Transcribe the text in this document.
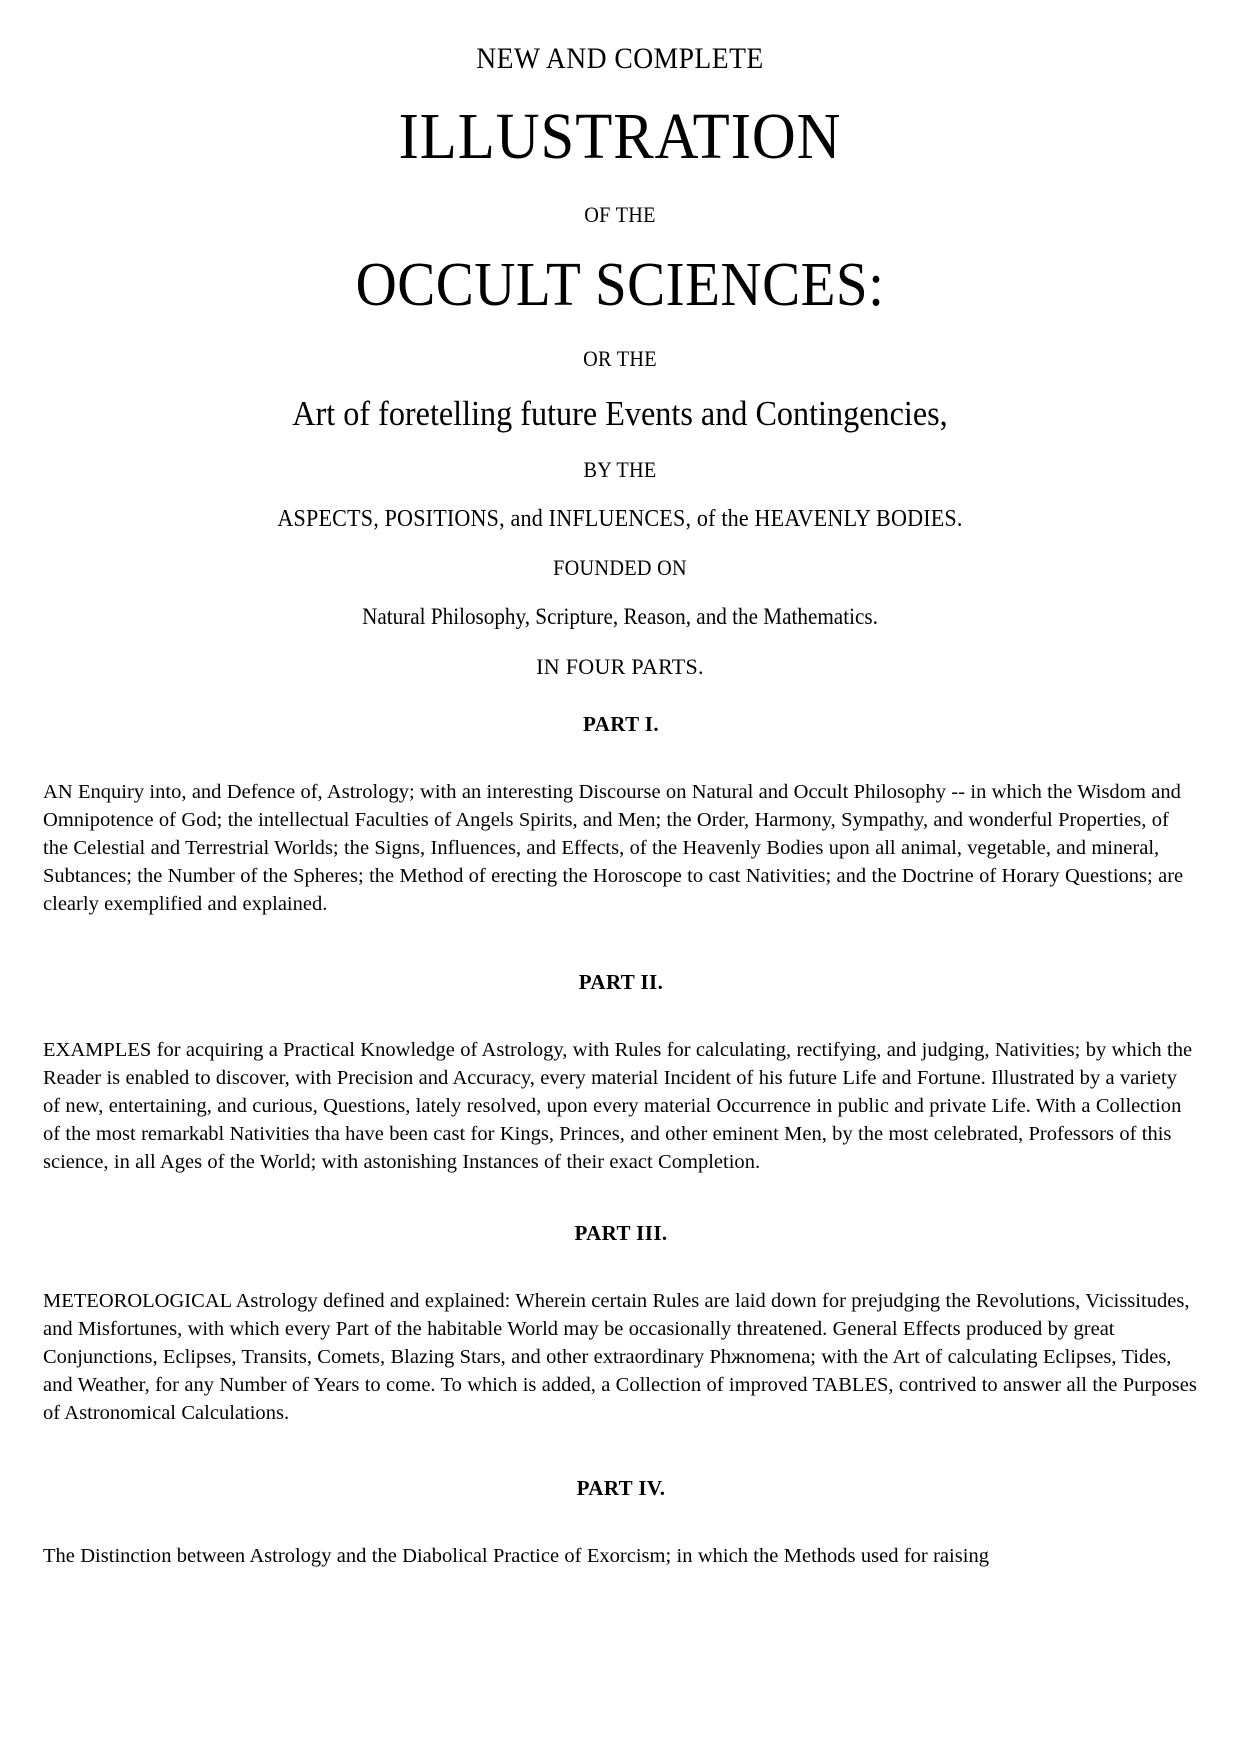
NEW AND COMPLETE
ILLUSTRATION
OF THE
OCCULT SCIENCES:
OR THE
Art of foretelling future Events and Contingencies,
BY THE
ASPECTS, POSITIONS, and INFLUENCES, of the HEAVENLY BODIES.
FOUNDED ON
Natural Philosophy, Scripture, Reason, and the Mathematics.
IN FOUR PARTS.
PART I.

AN Enquiry into, and Defence of, Astrology; with an interesting Discourse on Natural and Occult Philosophy -- in which the Wisdom and Omnipotence of God; the intellectual Faculties of Angels Spirits, and Men; the Order, Harmony, Sympathy, and wonderful Properties, of the Celestial and Terrestrial Worlds; the Signs, Influences, and Effects, of the Heavenly Bodies upon all animal, vegetable, and mineral, Subtances; the Number of the Spheres; the Method of erecting the Horoscope to cast Nativities; and the Doctrine of Horary Questions; are clearly exemplified and explained.

PART II.

EXAMPLES for acquiring a Practical Knowledge of Astrology, with Rules for calculating, rectifying, and judging, Nativities; by which the Reader is enabled to discover, with Precision and Accuracy, every material Incident of his future Life and Fortune. Illustrated by a variety of new, entertaining, and curious, Questions, lately resolved, upon every material Occurrence in public and private Life. With a Collection of the most remarkabl Nativities tha have been cast for Kings, Princes, and other eminent Men, by the most celebrated, Professors of this science, in all Ages of the World; with astonishing Instances of their exact Completion.

PART III.

METEOROLOGICAL Astrology defined and explained: Wherein certain Rules are laid down for prejudging the Revolutions, Vicissitudes, and Misfortunes, with which every Part of the habitable World may be occasionally threatened. General Effects produced by great Conjunctions, Eclipses, Transits, Comets, Blazing Stars, and other extraordinary Phжnomena; with the Art of calculating Eclipses, Tides, and Weather, for any Number of Years to come. To which is added, a Collection of improved TABLES, contrived to answer all the Purposes of Astronomical Calculations.

PART IV.

The Distinction between Astrology and the Diabolical Practice of Exorcism; in which the Methods used for raising
